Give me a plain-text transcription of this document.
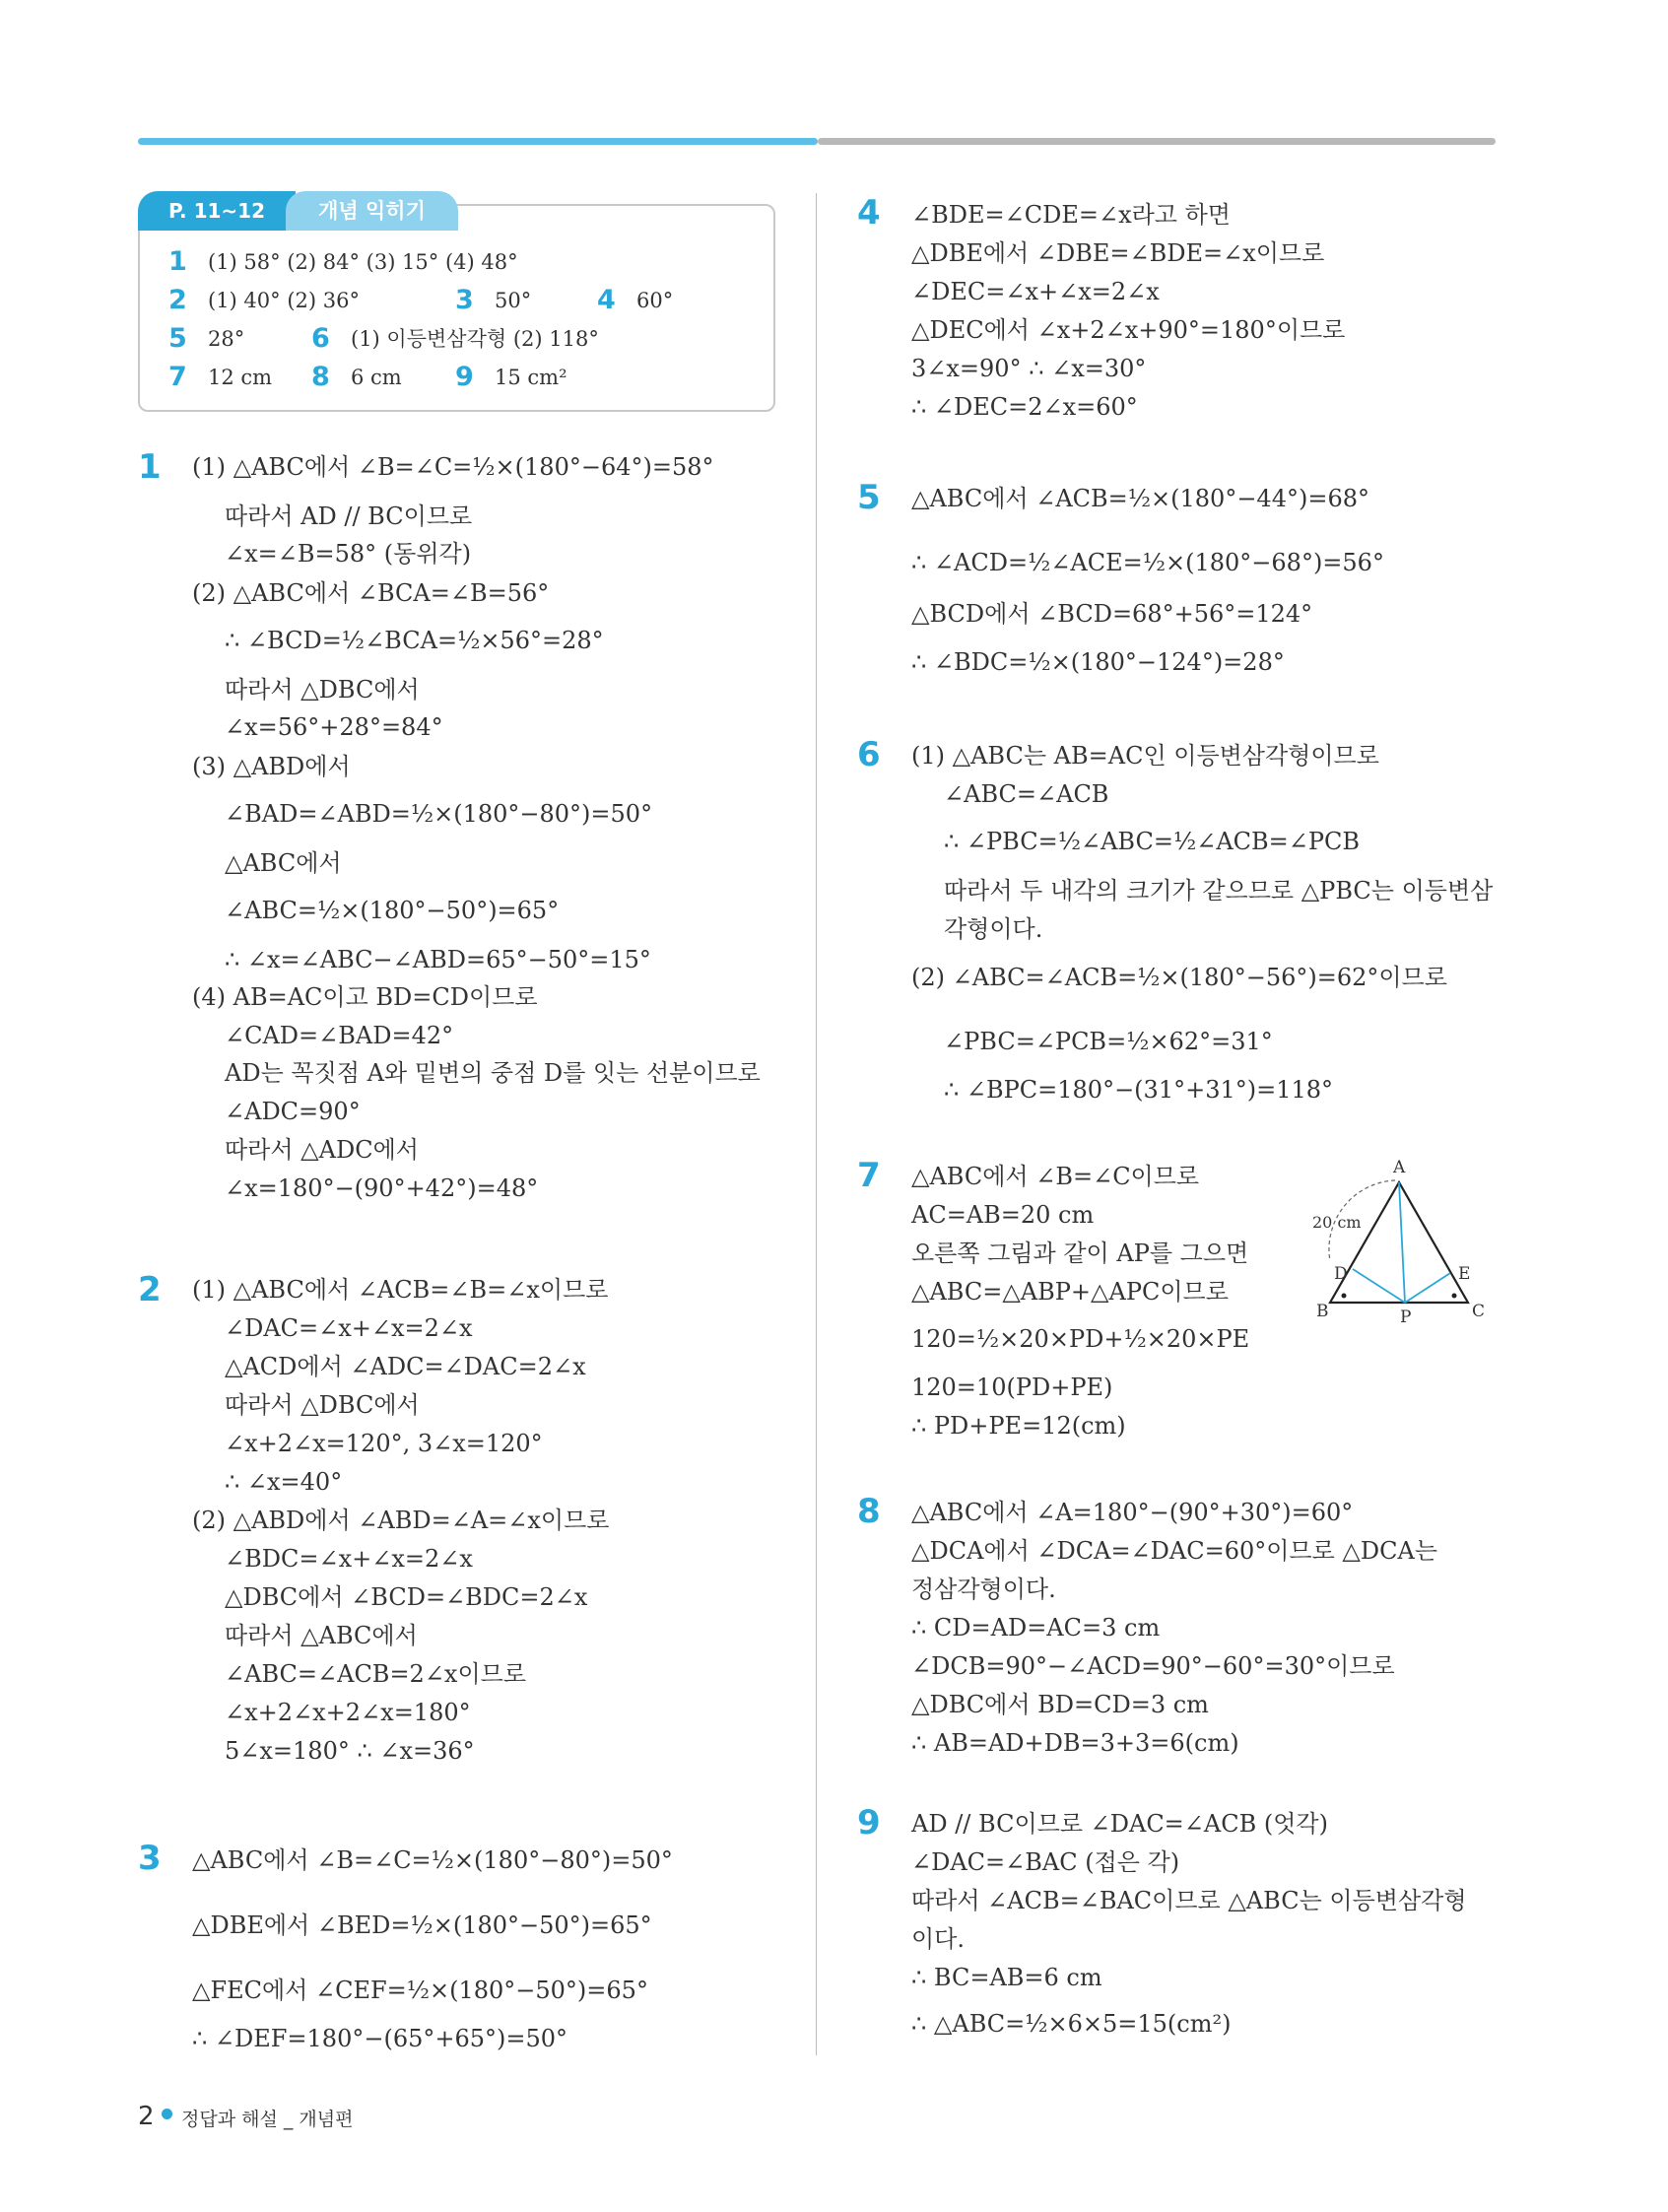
P. 11~12	개념 익히기
1 (1) 58° (2) 84° (3) 15° (4) 48°
2 (1) 40° (2) 36°	3 50° 4 60°
5 28°	6 (1) 이등변삼각형 (2) 118°
7 12 cm 8 6 cm 9 15 cm²
1 (1) △ABC에서 ∠B=∠C=½×(180°−64°)=58°
따라서 AD // BC이므로
∠x=∠B=58° (동위각)
(2) △ABC에서 ∠BCA=∠B=56°
∴ ∠BCD=½∠BCA=½×56°=28°
따라서 △DBC에서
∠x=56°+28°=84°
(3) △ABD에서
∠BAD=∠ABD=½×(180°−80°)=50°
△ABC에서
∠ABC=½×(180°−50°)=65°
∴ ∠x=∠ABC−∠ABD=65°−50°=15°
(4) AB=AC이고 BD=CD이므로
∠CAD=∠BAD=42°
AD는 꼭짓점 A와 밑변의 중점 D를 잇는 선분이므로
∠ADC=90°
따라서 △ADC에서
∠x=180°−(90°+42°)=48°
2 (1) △ABC에서 ∠ACB=∠B=∠x이므로
∠DAC=∠x+∠x=2∠x
△ACD에서 ∠ADC=∠DAC=2∠x
따라서 △DBC에서
∠x+2∠x=120°, 3∠x=120°
∴ ∠x=40°
(2) △ABD에서 ∠ABD=∠A=∠x이므로
∠BDC=∠x+∠x=2∠x
△DBC에서 ∠BCD=∠BDC=2∠x
따라서 △ABC에서
∠ABC=∠ACB=2∠x이므로
∠x+2∠x+2∠x=180°
5∠x=180° ∴ ∠x=36°
3 △ABC에서 ∠B=∠C=½×(180°−80°)=50°
△DBE에서 ∠BED=½×(180°−50°)=65°
△FEC에서 ∠CEF=½×(180°−50°)=65°
∴ ∠DEF=180°−(65°+65°)=50°
4 ∠BDE=∠CDE=∠x라고 하면
△DBE에서 ∠DBE=∠BDE=∠x이므로
∠DEC=∠x+∠x=2∠x
△DEC에서 ∠x+2∠x+90°=180°이므로
3∠x=90° ∴ ∠x=30°
∴ ∠DEC=2∠x=60°
5 △ABC에서 ∠ACB=½×(180°−44°)=68°
∴ ∠ACD=½∠ACE=½×(180°−68°)=56°
△BCD에서 ∠BCD=68°+56°=124°
∴ ∠BDC=½×(180°−124°)=28°
6 (1) △ABC는 AB=AC인 이등변삼각형이므로
∠ABC=∠ACB
∴ ∠PBC=½∠ABC=½∠ACB=∠PCB
따라서 두 내각의 크기가 같으므로 △PBC는 이등변삼
각형이다.
(2) ∠ABC=∠ACB=½×(180°−56°)=62°이므로
∠PBC=∠PCB=½×62°=31°
∴ ∠BPC=180°−(31°+31°)=118°
7 △ABC에서 ∠B=∠C이므로
AC=AB=20 cm
오른쪽 그림과 같이 AP를 그으면
△ABC=△ABP+△APC이므로
120=½×20×PD+½×20×PE
120=10(PD+PE)
∴ PD+PE=12(cm)
A
B	C
D	E
P
20 cm
8 △ABC에서 ∠A=180°−(90°+30°)=60°
△DCA에서 ∠DCA=∠DAC=60°이므로 △DCA는
정삼각형이다.
∴ CD=AD=AC=3 cm
∠DCB=90°−∠ACD=90°−60°=30°이므로
△DBC에서 BD=CD=3 cm
∴ AB=AD+DB=3+3=6(cm)
9 AD // BC이므로 ∠DAC=∠ACB (엇각)
∠DAC=∠BAC (접은 각)
따라서 ∠ACB=∠BAC이므로 △ABC는 이등변삼각형
이다.
∴ BC=AB=6 cm
∴ △ABC=½×6×5=15(cm²)
2 정답과 해설 _ 개념편
